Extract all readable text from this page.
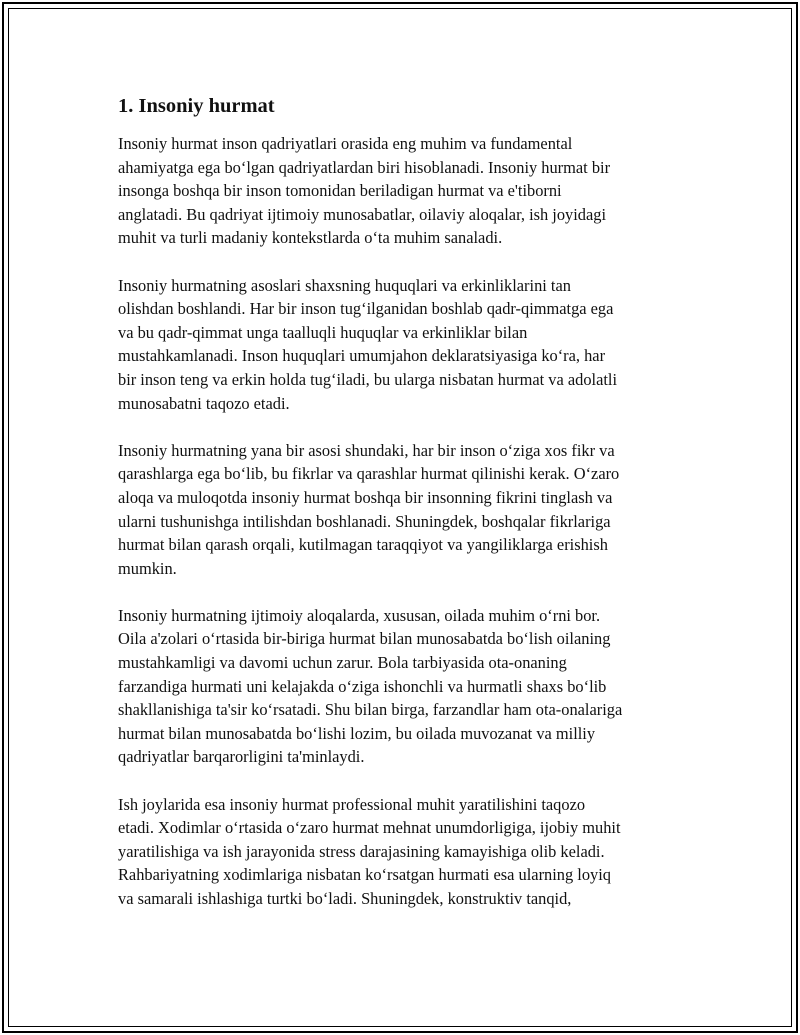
1. Insoniy hurmat

Insoniy hurmat inson qadriyatlari orasida eng muhim va fundamental
ahamiyatga ega bo‘lgan qadriyatlardan biri hisoblanadi. Insoniy hurmat bir
insonga boshqa bir inson tomonidan beriladigan hurmat va e'tiborni
anglatadi. Bu qadriyat ijtimoiy munosabatlar, oilaviy aloqalar, ish joyidagi
muhit va turli madaniy kontekstlarda o‘ta muhim sanaladi.

Insoniy hurmatning asoslari shaxsning huquqlari va erkinliklarini tan
olishdan boshlandi. Har bir inson tug‘ilganidan boshlab qadr-qimmatga ega
va bu qadr-qimmat unga taalluqli huquqlar va erkinliklar bilan
mustahkamlanadi. Inson huquqlari umumjahon deklaratsiyasiga ko‘ra, har
bir inson teng va erkin holda tug‘iladi, bu ularga nisbatan hurmat va adolatli
munosabatni taqozo etadi.

Insoniy hurmatning yana bir asosi shundaki, har bir inson o‘ziga xos fikr va
qarashlarga ega bo‘lib, bu fikrlar va qarashlar hurmat qilinishi kerak. O‘zaro
aloqa va muloqotda insoniy hurmat boshqa bir insonning fikrini tinglash va
ularni tushunishga intilishdan boshlanadi. Shuningdek, boshqalar fikrlariga
hurmat bilan qarash orqali, kutilmagan taraqqiyot va yangiliklarga erishish
mumkin.

Insoniy hurmatning ijtimoiy aloqalarda, xususan, oilada muhim o‘rni bor.
Oila a'zolari o‘rtasida bir-biriga hurmat bilan munosabatda bo‘lish oilaning
mustahkamligi va davomi uchun zarur. Bola tarbiyasida ota-onaning
farzandiga hurmati uni kelajakda o‘ziga ishonchli va hurmatli shaxs bo‘lib
shakllanishiga ta'sir ko‘rsatadi. Shu bilan birga, farzandlar ham ota-onalariga
hurmat bilan munosabatda bo‘lishi lozim, bu oilada muvozanat va milliy
qadriyatlar barqarorligini ta'minlaydi.

Ish joylarida esa insoniy hurmat professional muhit yaratilishini taqozo
etadi. Xodimlar o‘rtasida o‘zaro hurmat mehnat unumdorligiga, ijobiy muhit
yaratilishiga va ish jarayonida stress darajasining kamayishiga olib keladi.
Rahbariyatning xodimlariga nisbatan ko‘rsatgan hurmati esa ularning loyiq
va samarali ishlashiga turtki bo‘ladi. Shuningdek, konstruktiv tanqid,
